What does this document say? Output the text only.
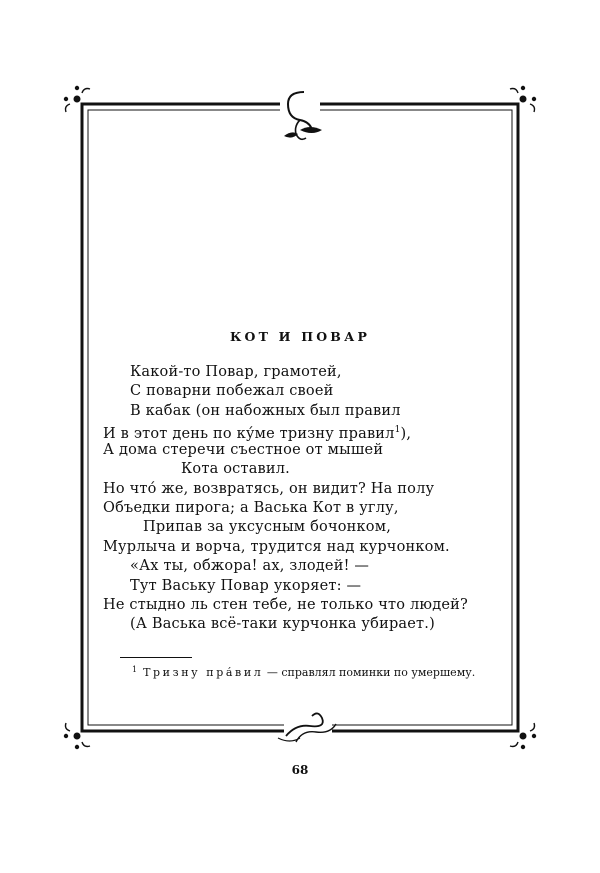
КОТ И ПОВАР
Какой-то Повар, грамотей,
С поварни побежал своей
В кабак (он набожных был правил
И в этот день по ку́ме тризну правил$^1$),
А дома стеречи съестное от мышей
Кота оставил.
Но что́ же, возвратясь, он видит? На полу
Объедки пирога; а Васька Кот в углу,
Припав за уксусным бочонком,
Мурлыча и ворча, трудится над курчонком.
«Ах ты, обжора! ах, злодей! —
Тут Ваську Повар укоряет: —
Не стыдно ль стен тебе, не только что людей?
(А Васька всё-таки курчонка убирает.)
$^1$ Тризну пра́вил — справлял поминки по умершему.
68
